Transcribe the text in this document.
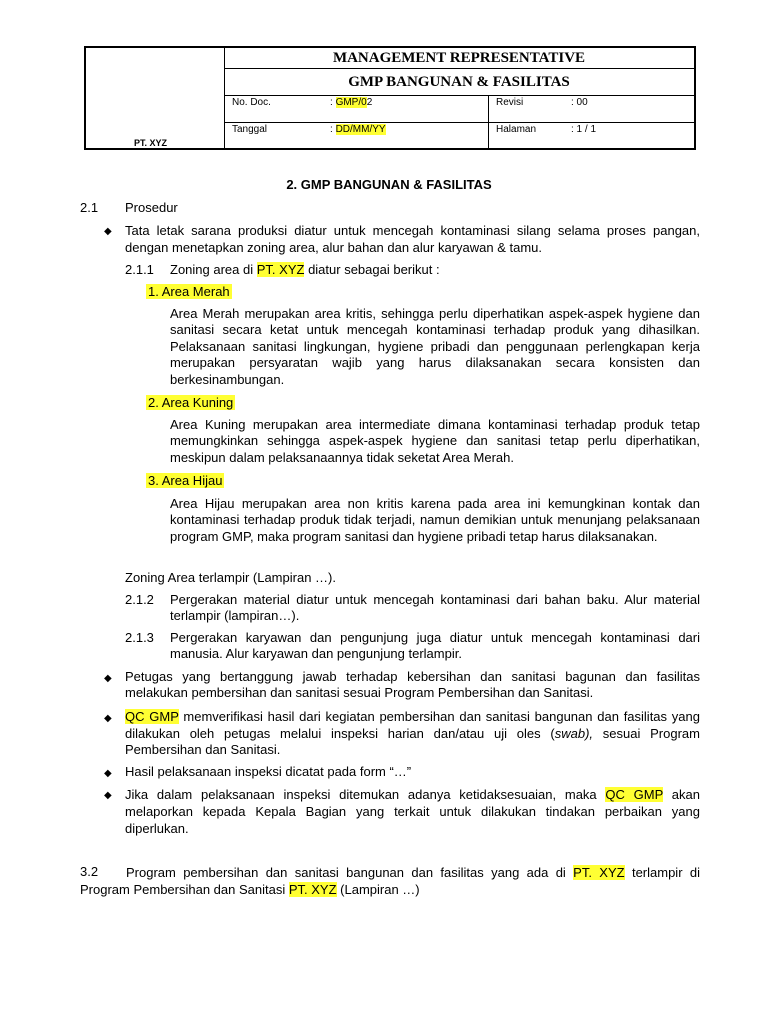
PT. XYZ
MANAGEMENT REPRESENTATIVE
GMP BANGUNAN & FASILITAS
No. Doc.	: GMP/02	Revisi	: 00
Tanggal	: DD/MM/YY	Halaman	: 1 / 1
2. GMP BANGUNAN & FASILITAS
2.1 Prosedur
◆ Tata letak sarana produksi diatur untuk mencegah kontaminasi silang selama proses pangan, dengan menetapkan zoning area, alur bahan dan alur karyawan & tamu.
2.1.1 Zoning area di PT. XYZ diatur sebagai berikut :
1. Area Merah
Area Merah merupakan area kritis, sehingga perlu diperhatikan aspek-aspek hygiene dan sanitasi secara ketat untuk mencegah kontaminasi terhadap produk yang dihasilkan. Pelaksanaan sanitasi lingkungan, hygiene pribadi dan penggunaan perlengkapan kerja merupakan persyaratan wajib yang harus dilaksanakan secara konsisten dan berkesinambungan.
2. Area Kuning
Area Kuning merupakan area intermediate dimana kontaminasi terhadap produk tetap memungkinkan sehingga aspek-aspek hygiene dan sanitasi tetap perlu diperhatikan, meskipun dalam pelaksanaannya tidak seketat Area Merah.
3. Area Hijau
Area Hijau merupakan area non kritis karena pada area ini kemungkinan kontak dan kontaminasi terhadap produk tidak terjadi, namun demikian untuk menunjang pelaksanaan program GMP, maka program sanitasi dan hygiene pribadi tetap harus dilaksanakan.
Zoning Area terlampir (Lampiran …).
2.1.2 Pergerakan material diatur untuk mencegah kontaminasi dari bahan baku. Alur material terlampir (lampiran…).
2.1.3 Pergerakan karyawan dan pengunjung juga diatur untuk mencegah kontaminasi dari manusia. Alur karyawan dan pengunjung terlampir.
◆ Petugas yang bertanggung jawab terhadap kebersihan dan sanitasi bagunan dan fasilitas melakukan pembersihan dan sanitasi sesuai Program Pembersihan dan Sanitasi.
◆ QC GMP memverifikasi hasil dari kegiatan pembersihan dan sanitasi bangunan dan fasilitas yang dilakukan oleh petugas melalui inspeksi harian dan/atau uji oles (swab), sesuai Program Pembersihan dan Sanitasi.
◆ Hasil pelaksanaan inspeksi dicatat pada form “…”
◆ Jika dalam pelaksanaan inspeksi ditemukan adanya ketidaksesuaian, maka QC GMP akan melaporkan kepada Kepala Bagian yang terkait untuk dilakukan tindakan perbaikan yang diperlukan.
3.2	Program pembersihan dan sanitasi bangunan dan fasilitas yang ada di PT. XYZ terlampir di Program Pembersihan dan Sanitasi PT. XYZ (Lampiran …)
